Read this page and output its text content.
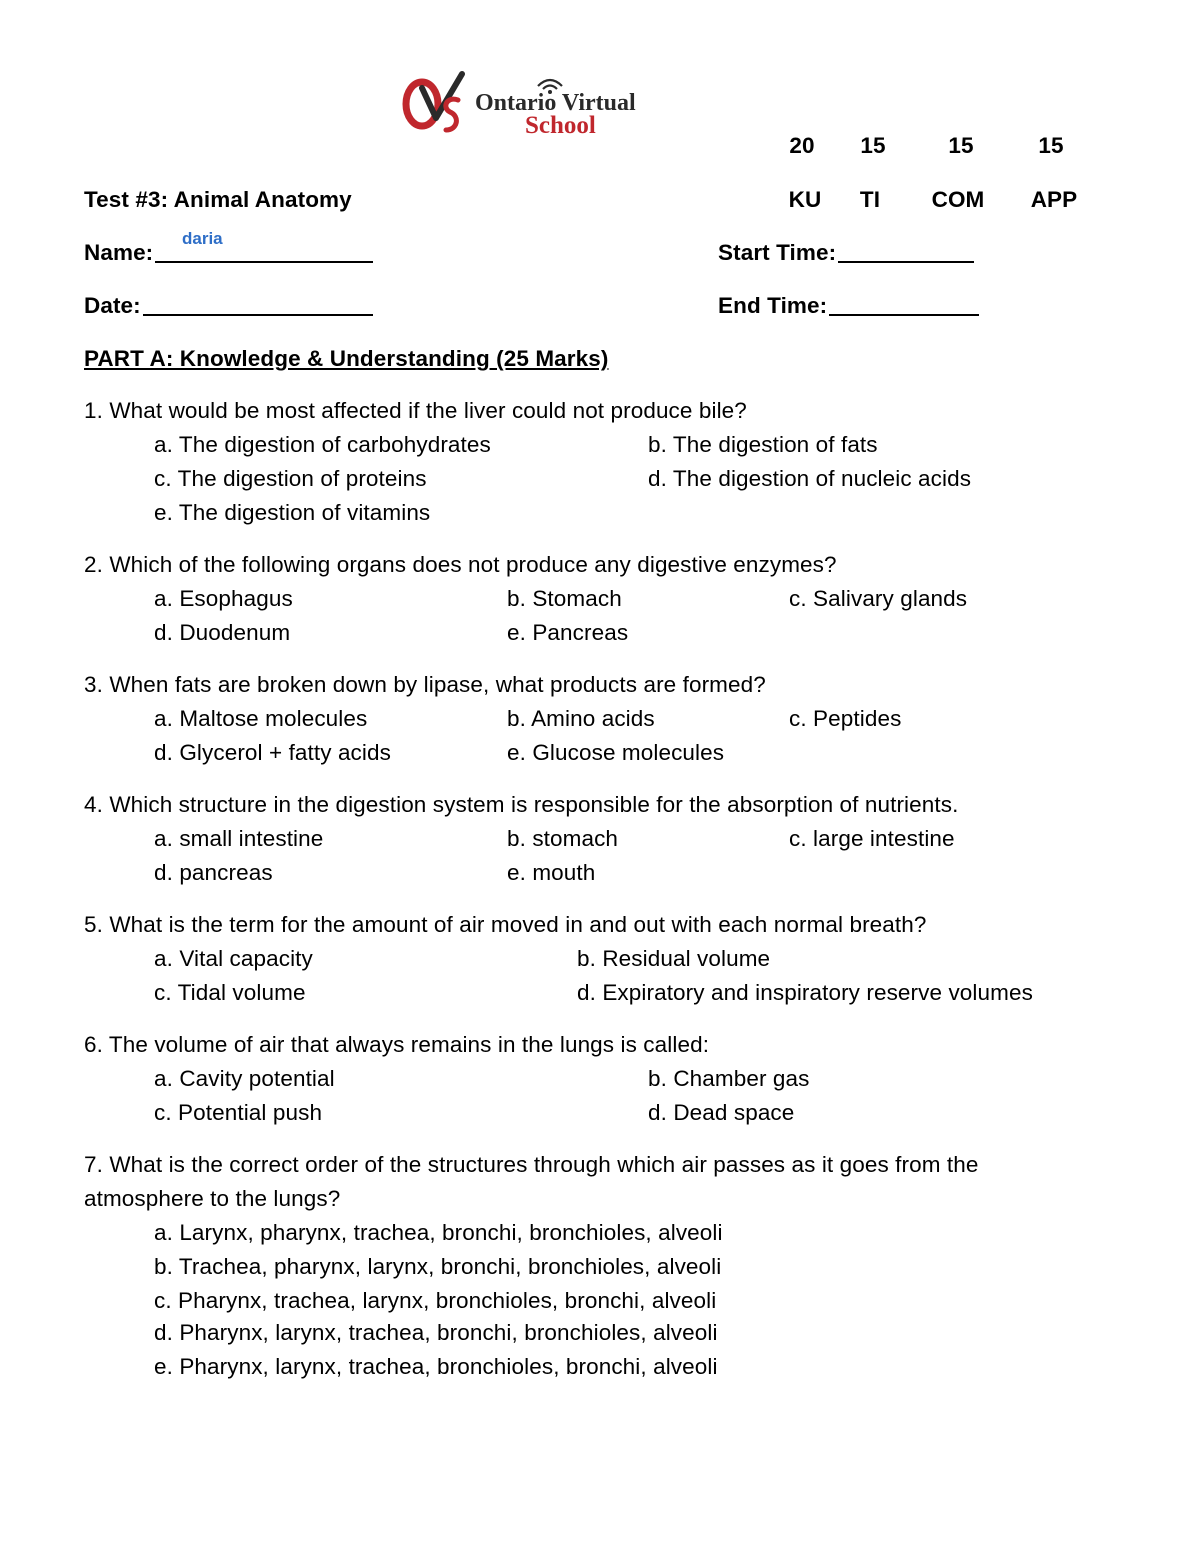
Ontario Virtual
School
20	15	15	15
KU	TI	COM	APP
Test #3: Animal Anatomy
Name:
daria
Date:
Start Time:
End Time:
PART A: Knowledge & Understanding (25 Marks)
1. What would be most affected if the liver could not produce bile?
a. The digestion of carbohydrates	b. The digestion of fats
c. The digestion of proteins	d. The digestion of nucleic acids
e. The digestion of vitamins
2. Which of the following organs does not produce any digestive enzymes?
a. Esophagus	b. Stomach	c. Salivary glands
d. Duodenum	e. Pancreas
3. When fats are broken down by lipase, what products are formed?
a. Maltose molecules	b. Amino acids	c. Peptides
d. Glycerol + fatty acids	e. Glucose molecules
4. Which structure in the digestion system is responsible for the absorption of nutrients.
a. small intestine	b. stomach	c. large intestine
d. pancreas	e. mouth
5. What is the term for the amount of air moved in and out with each normal breath?
a. Vital capacity	b. Residual volume
c. Tidal volume	d. Expiratory and inspiratory reserve volumes
6. The volume of air that always remains in the lungs is called:
a. Cavity potential	b. Chamber gas
c. Potential push	d. Dead space
7. What is the correct order of the structures through which air passes as it goes from the
atmosphere to the lungs?
a. Larynx, pharynx, trachea, bronchi, bronchioles, alveoli
b. Trachea, pharynx, larynx, bronchi, bronchioles, alveoli
c. Pharynx, trachea, larynx, bronchioles, bronchi, alveoli
d. Pharynx, larynx, trachea, bronchi, bronchioles, alveoli
e. Pharynx, larynx, trachea, bronchioles, bronchi, alveoli
